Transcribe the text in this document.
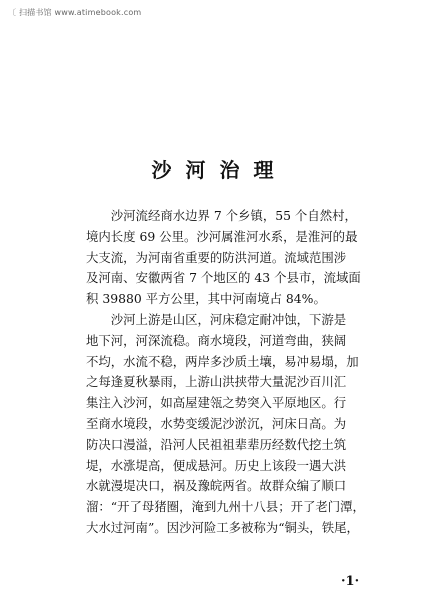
〔 扫描书馆 www.atimebook.com
沙河治理

　　沙河流经商水边界 7 个乡镇，55 个自然村，
境内长度 69 公里。沙河属淮河水系，是淮河的最
大支流，为河南省重要的防洪河道。流域范围涉
及河南、安徽两省 7 个地区的 43 个县市，流域面
积 39880 平方公里，其中河南境占 84%。

　　沙河上游是山区，河床稳定耐冲蚀，下游是
地下河，河深流稳。商水境段，河道弯曲，狭阔
不均，水流不稳，两岸多沙质土壤，易冲易塌，加
之每逢夏秋暴雨，上游山洪挟带大量泥沙百川汇
集注入沙河，如高屋建瓴之势突入平原地区。行
至商水境段，水势变缓泥沙淤沉，河床日高。为
防决口漫溢，沿河人民祖祖辈辈历经数代挖土筑
堤，水涨堤高，便成悬河。历史上该段一遇大洪
水就漫堤决口，祸及豫皖两省。故群众编了顺口
溜：“开了母猪圈，淹到九州十八县；开了老门潭，
大水过河南”。因沙河险工多被称为“铜头，铁尾，

·1·
